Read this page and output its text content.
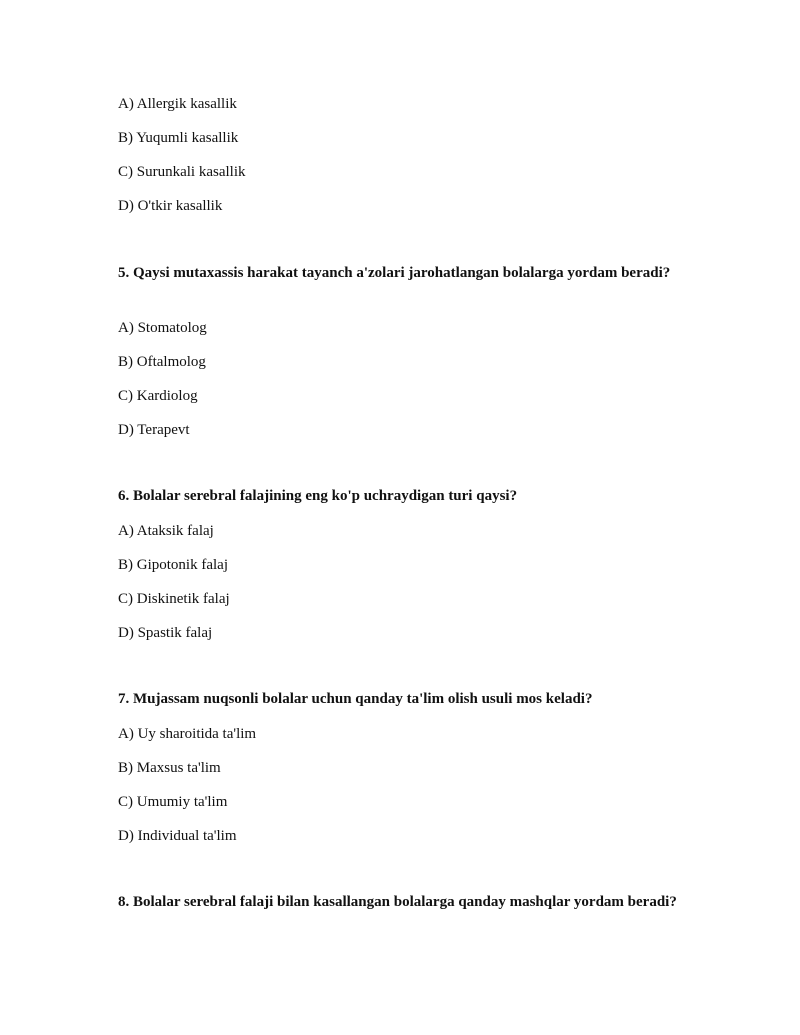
A) Allergik kasallik
B) Yuqumli kasallik
C) Surunkali kasallik
D) O'tkir kasallik
5. Qaysi mutaxassis harakat tayanch a'zolari jarohatlangan bolalarga yordam beradi?
A) Stomatolog
B) Oftalmolog
C) Kardiolog
D) Terapevt
6. Bolalar serebral falajining eng ko'p uchraydigan turi qaysi?
A) Ataksik falaj
B) Gipotonik falaj
C) Diskinetik falaj
D) Spastik falaj
7. Mujassam nuqsonli bolalar uchun qanday ta'lim olish usuli mos keladi?
A) Uy sharoitida ta'lim
B) Maxsus ta'lim
C) Umumiy ta'lim
D) Individual ta'lim
8. Bolalar serebral falaji bilan kasallangan bolalarga qanday mashqlar yordam beradi?
